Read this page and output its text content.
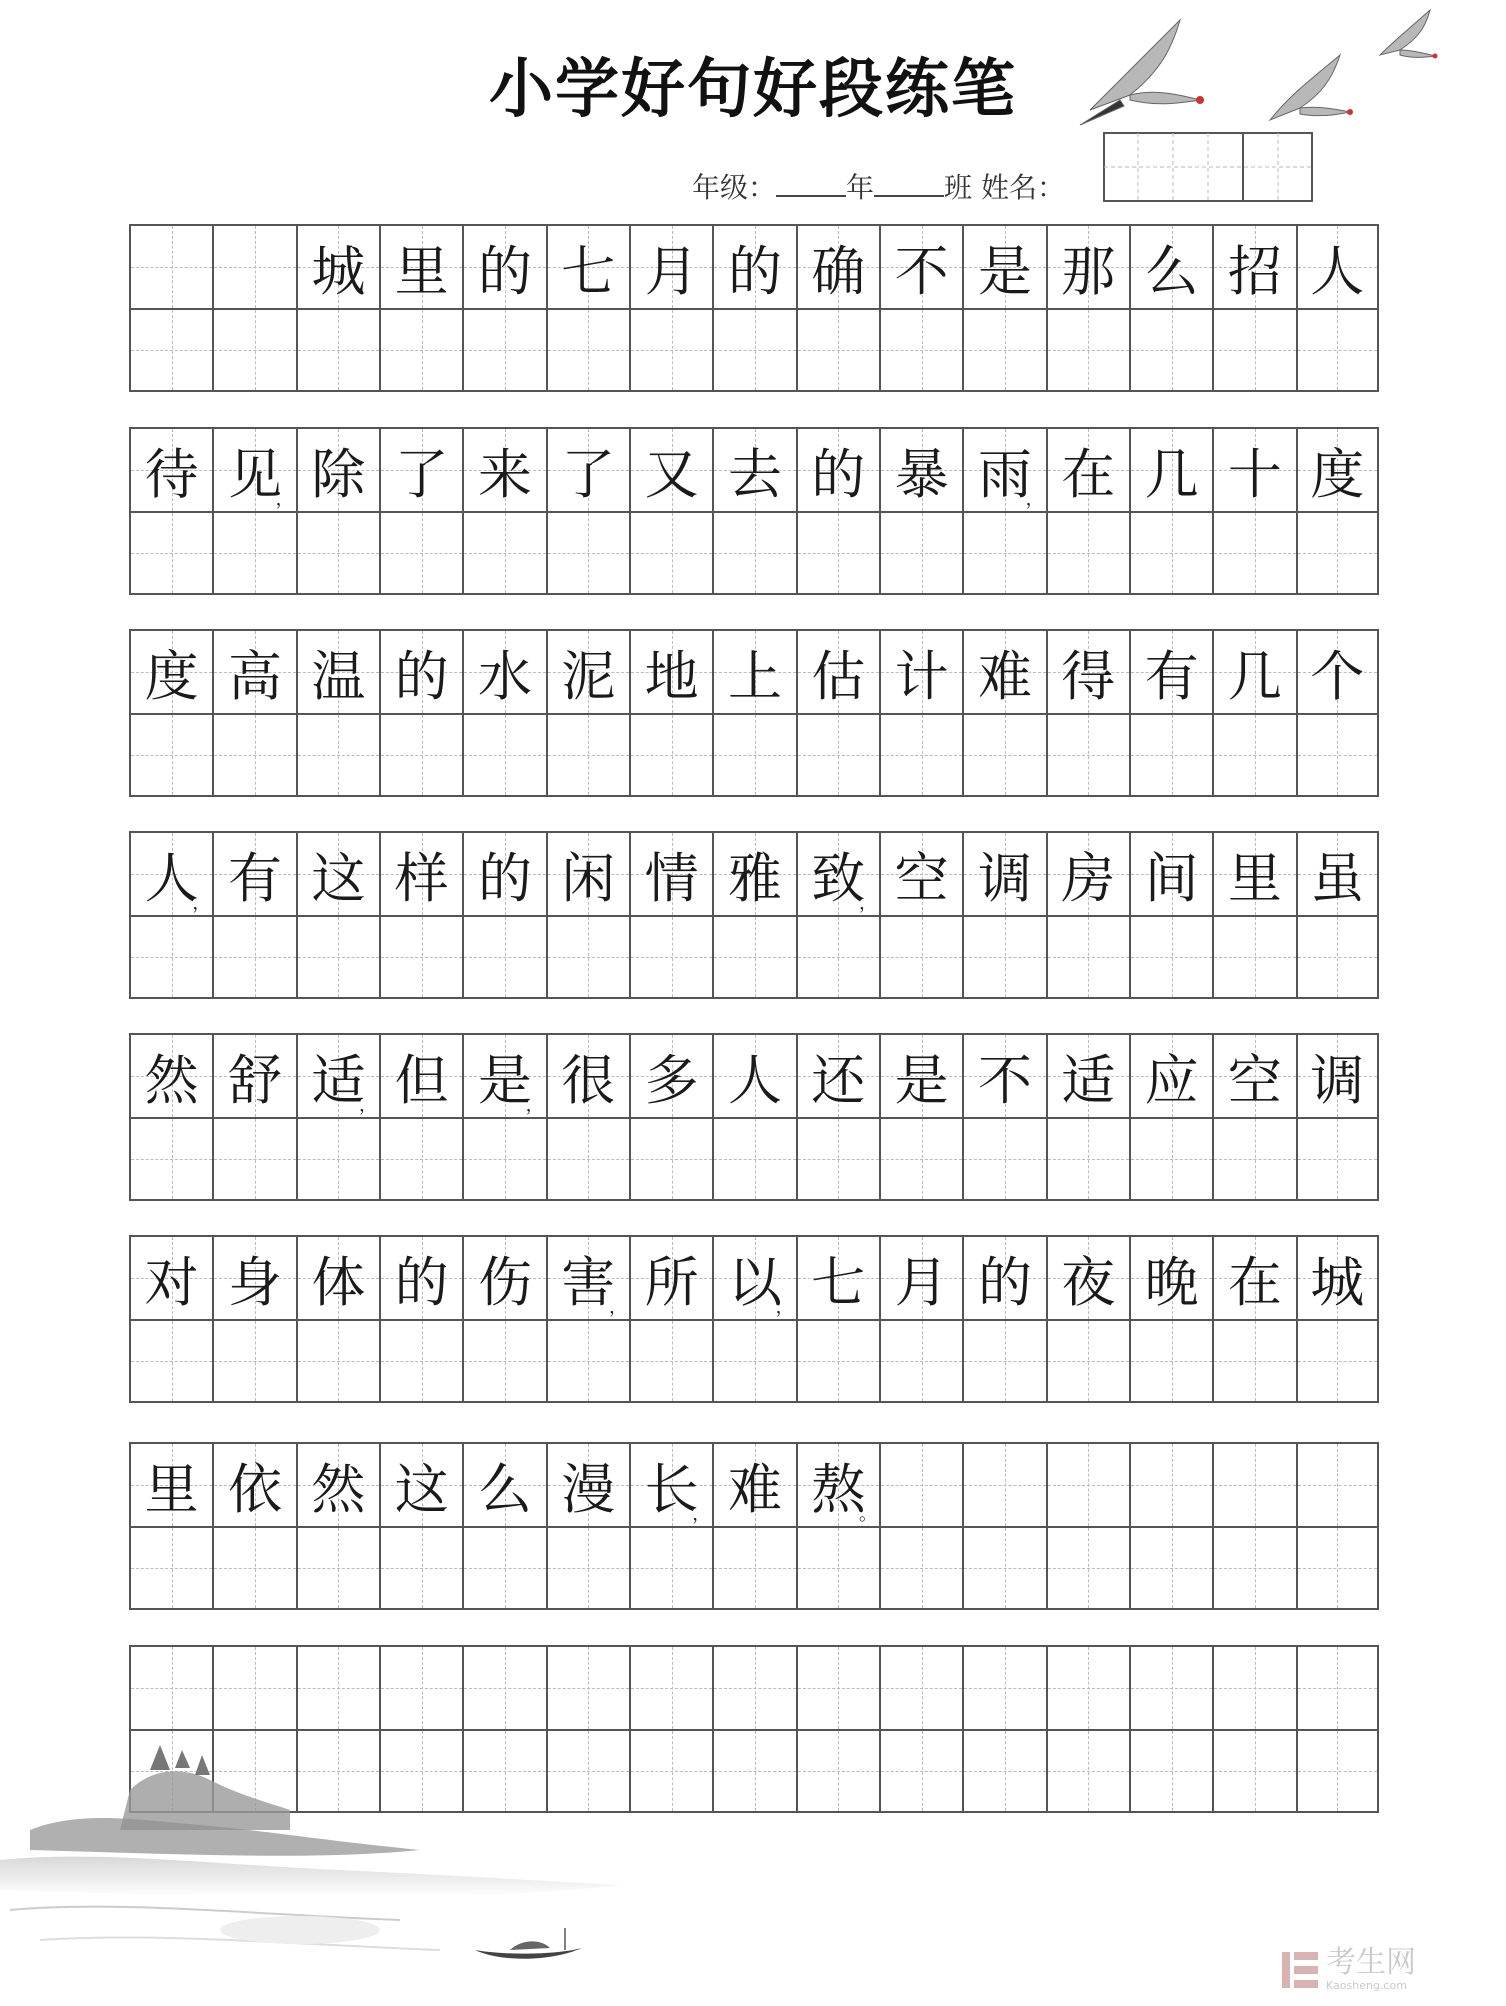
小学好句好段练笔
年级：	年	班 姓名：
城 里 的 七 月 的 确 不 是 那 么 招 人
待 见
， 除 了 来 了 又 去 的 暴 雨
， 在 几 十 度
度 高 温 的 水 泥 地 上 估 计 难 得 有 几 个
人
， 有 这 样 的 闲 情 雅 致
， 空 调 房 间 里 虽
然 舒 适
， 但 是
， 很 多 人 还 是 不 适 应 空 调
对 身 体 的 伤 害
， 所 以
， 七 月 的 夜 晚 在 城
里 依 然 这 么 漫 长
， 难 熬
。
考生网
Kaosheng.com
